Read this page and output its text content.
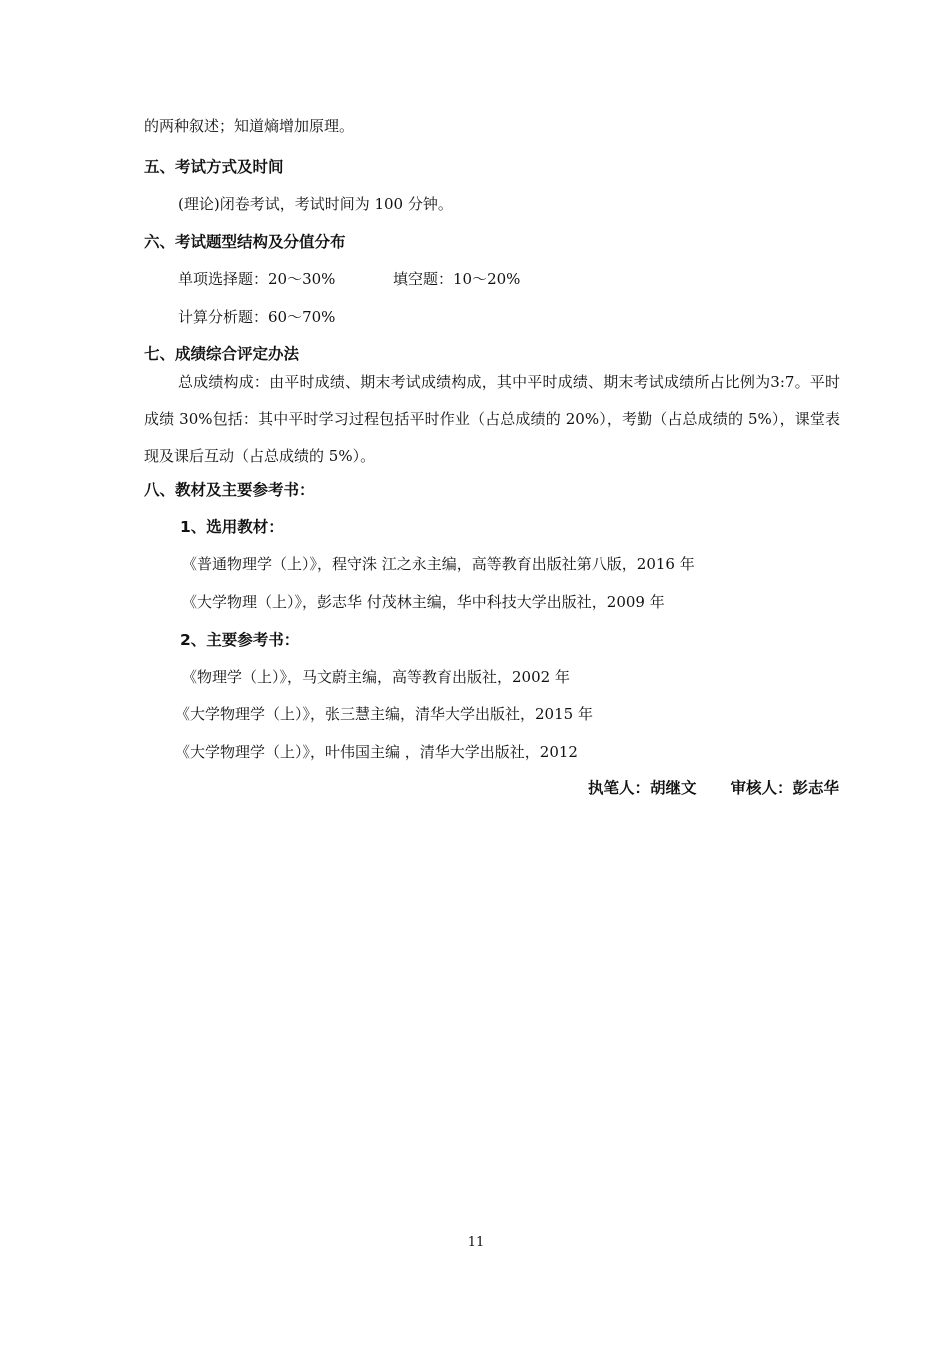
的两种叙述；知道熵增加原理。
五、考试方式及时间
(理论)闭卷考试，考试时间为 100 分钟。
六、考试题型结构及分值分布
单项选择题：20～30%	填空题：10～20%
计算分析题：60～70%
七、成绩综合评定办法
总成绩构成：由平时成绩、期末考试成绩构成，其中平时成绩、期末考试成绩所占比例为3:7。平时成绩 30%包括：其中平时学习过程包括平时作业（占总成绩的 20%），考勤（占总成绩的 5%），课堂表现及课后互动（占总成绩的 5%）。
八、教材及主要参考书：
1、选用教材：
《普通物理学（上）》，程守洙 江之永主编，高等教育出版社第八版，2016 年
《大学物理（上）》，彭志华 付茂林主编，华中科技大学出版社，2009 年
2、主要参考书：
《物理学（上）》，马文蔚主编，高等教育出版社，2002 年
《大学物理学（上）》，张三慧主编，清华大学出版社，2015 年
《大学物理学（上）》，叶伟国主编 ，清华大学出版社，2012
执笔人：胡继文 审核人：彭志华
11
